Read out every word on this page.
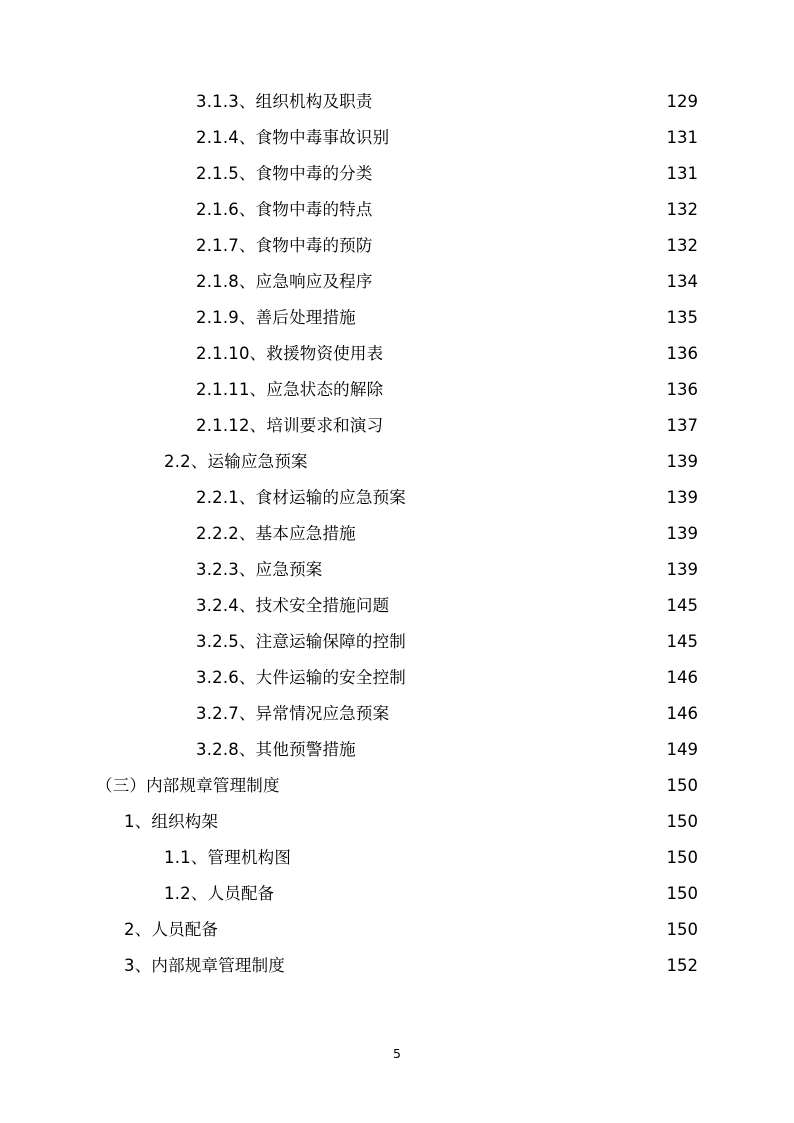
3.1.3、组织机构及职责 . . .	129
2.1.4、食物中毒事故识别 . . .	131
2.1.5、食物中毒的分类 . . .	131
2.1.6、食物中毒的特点 . . .	132
2.1.7、食物中毒的预防 . . .	132
2.1.8、应急响应及程序 . . .	134
2.1.9、善后处理措施 . . .	135
2.1.10、救援物资使用表 . . .	136
2.1.11、应急状态的解除 . . .	136
2.1.12、培训要求和演习 . . .	137
2.2、运输应急预案 . . .	139
2.2.1、食材运输的应急预案 . . .	139
2.2.2、基本应急措施 . . .	139
3.2.3、应急预案 . . .	139
3.2.4、技术安全措施问题 . . .	145
3.2.5、注意运输保障的控制 . . .	145
3.2.6、大件运输的安全控制 . . .	146
3.2.7、异常情况应急预案 . . .	146
3.2.8、其他预警措施 . . .	149
（三）内部规章管理制度 . . .	150
1、组织构架 . . .	150
1.1、管理机构图 . . .	150
1.2、人员配备 . . .	150
2、人员配备 . . .	150
3、内部规章管理制度 . . .	152
5
